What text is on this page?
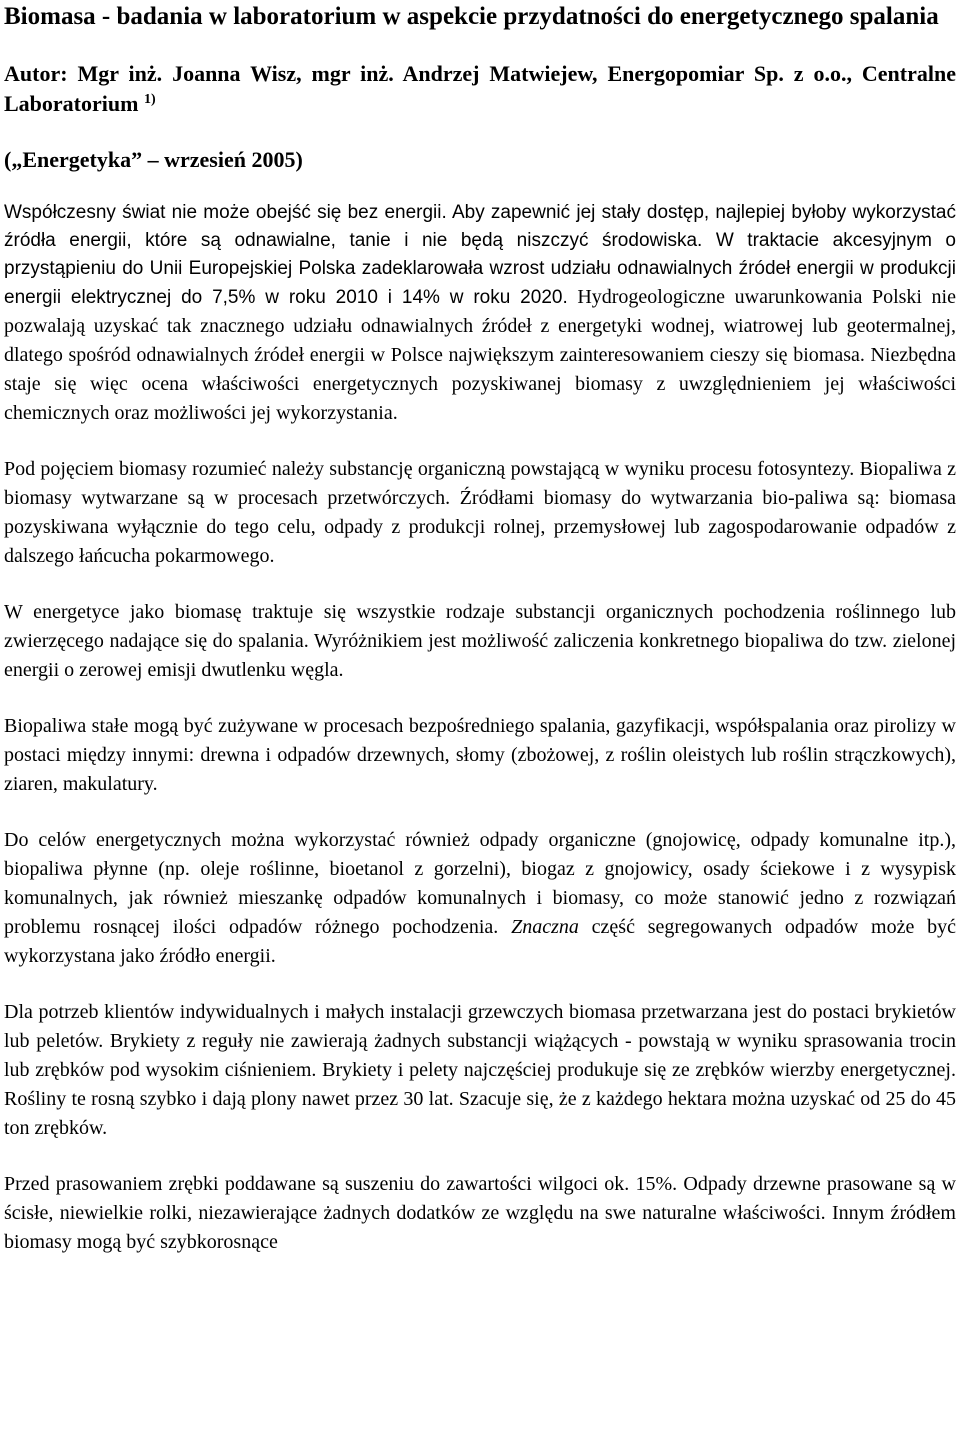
Biomasa - badania w laboratorium w aspekcie przydatności do energetycznego spalania

Autor: Mgr inż. Joanna Wisz, mgr inż. Andrzej Matwiejew, Energopomiar Sp. z o.o., Centralne Laboratorium $^{1)}$

(„Energetyka” – wrzesień 2005)

Współczesny świat nie może obejść się bez energii. Aby zapewnić jej stały dostęp, najlepiej byłoby wykorzystać źródła energii, które są odnawialne, tanie i nie będą niszczyć środowiska. W traktacie akcesyjnym o przystąpieniu do Unii Europejskiej Polska zadeklarowała wzrost udziału odnawialnych źródeł energii w produkcji energii elektrycznej do 7,5% w roku 2010 i 14% w roku 2020. Hydrogeologiczne uwarunkowania Polski nie pozwalają uzyskać tak znacznego udziału odnawialnych źródeł z energetyki wodnej, wiatrowej lub geotermalnej, dlatego spośród odnawialnych źródeł energii w Polsce największym zainteresowaniem cieszy się biomasa. Niezbędna staje się więc ocena właściwości energetycznych pozyskiwanej biomasy z uwzględnieniem jej właściwości chemicznych oraz możliwości jej wykorzystania.

Pod pojęciem biomasy rozumieć należy substancję organiczną powstającą w wyniku procesu fotosyntezy. Biopaliwa z biomasy wytwarzane są w procesach przetwórczych. Źródłami biomasy do wytwarzania bio-paliwa są: biomasa pozyskiwana wyłącznie do tego celu, odpady z produkcji rolnej, przemysłowej lub zagospodarowanie odpadów z dalszego łańcucha pokarmowego.

W energetyce jako biomasę traktuje się wszystkie rodzaje substancji organicznych pochodzenia roślinnego lub zwierzęcego nadające się do spalania. Wyróżnikiem jest możliwość zaliczenia konkretnego biopaliwa do tzw. zielonej energii o zerowej emisji dwutlenku węgla.

Biopaliwa stałe mogą być zużywane w procesach bezpośredniego spalania, gazyfikacji, współspalania oraz pirolizy w postaci między innymi: drewna i odpadów drzewnych, słomy (zbożowej, z roślin oleistych lub roślin strączkowych), ziaren, makulatury.

Do celów energetycznych można wykorzystać również odpady organiczne (gnojowicę, odpady komunalne itp.), biopaliwa płynne (np. oleje roślinne, bioetanol z gorzelni), biogaz z gnojowicy, osady ściekowe i z wysypisk komunalnych, jak również mieszankę odpadów komunalnych i biomasy, co może stanowić jedno z rozwiązań problemu rosnącej ilości odpadów różnego pochodzenia. Znaczna część segregowanych odpadów może być wykorzystana jako źródło energii.

Dla potrzeb klientów indywidualnych i małych instalacji grzewczych biomasa przetwarzana jest do postaci brykietów lub peletów. Brykiety z reguły nie zawierają żadnych substancji wiążących - powstają w wyniku sprasowania trocin lub zrębków pod wysokim ciśnieniem. Brykiety i pelety najczęściej produkuje się ze zrębków wierzby energetycznej. Rośliny te rosną szybko i dają plony nawet przez 30 lat. Szacuje się, że z każdego hektara można uzyskać od 25 do 45 ton zrębków.

Przed prasowaniem zrębki poddawane są suszeniu do zawartości wilgoci ok. 15%. Odpady drzewne prasowane są w ścisłe, niewielkie rolki, niezawierające żadnych dodatków ze względu na swe naturalne właściwości. Innym źródłem biomasy mogą być szybkorosnące
